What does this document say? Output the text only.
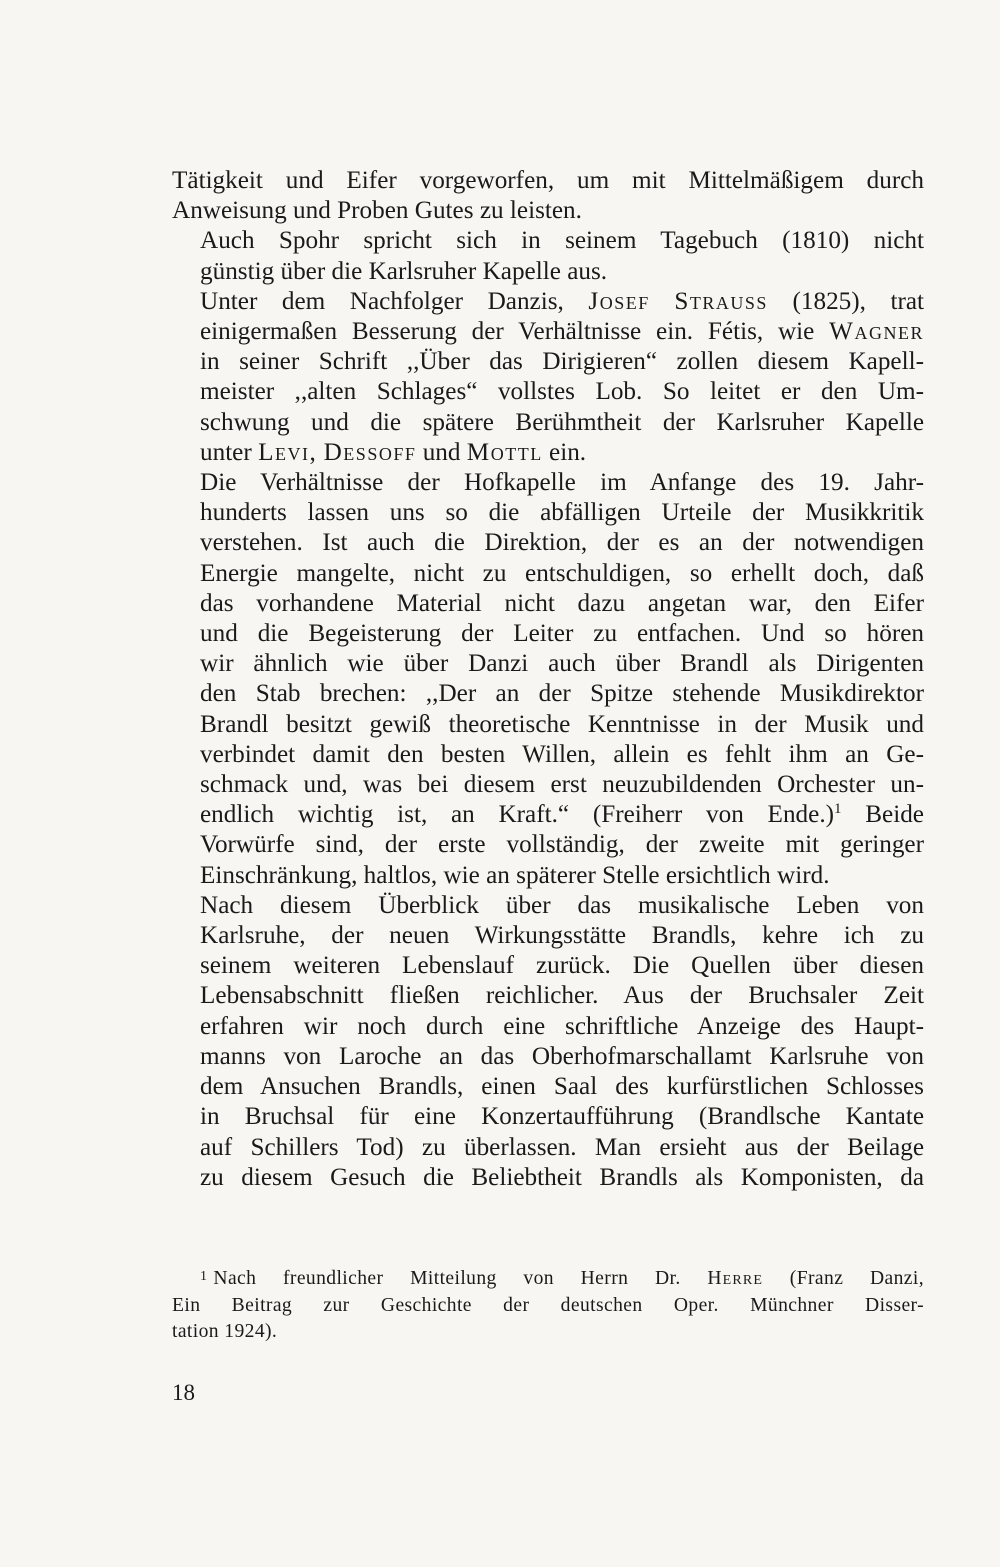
Tätigkeit und Eifer vorgeworfen, um mit Mittelmäßigem durch
Anweisung und Proben Gutes zu leisten.

Auch Spohr spricht sich in seinem Tagebuch (1810) nicht
günstig über die Karlsruher Kapelle aus.

Unter dem Nachfolger Danzis, Josef Strauss (1825), trat
einigermaßen Besserung der Verhältnisse ein. Fétis, wie Wagner
in seiner Schrift ,,Über das Dirigieren“ zollen diesem Kapell-
meister ,,alten Schlages“ vollstes Lob. So leitet er den Um-
schwung und die spätere Berühmtheit der Karlsruher Kapelle
unter Levi, Dessoff und Mottl ein.

Die Verhältnisse der Hofkapelle im Anfange des 19. Jahr-
hunderts lassen uns so die abfälligen Urteile der Musikkritik
verstehen. Ist auch die Direktion, der es an der notwendigen
Energie mangelte, nicht zu entschuldigen, so erhellt doch, daß
das vorhandene Material nicht dazu angetan war, den Eifer
und die Begeisterung der Leiter zu entfachen. Und so hören
wir ähnlich wie über Danzi auch über Brandl als Dirigenten
den Stab brechen: ,,Der an der Spitze stehende Musikdirektor
Brandl besitzt gewiß theoretische Kenntnisse in der Musik und
verbindet damit den besten Willen, allein es fehlt ihm an Ge-
schmack und, was bei diesem erst neuzubildenden Orchester un-
endlich wichtig ist, an Kraft.“ (Freiherr von Ende.)$^1$ Beide
Vorwürfe sind, der erste vollständig, der zweite mit geringer
Einschränkung, haltlos, wie an späterer Stelle ersichtlich wird.

Nach diesem Überblick über das musikalische Leben von
Karlsruhe, der neuen Wirkungsstätte Brandls, kehre ich zu
seinem weiteren Lebenslauf zurück. Die Quellen über diesen
Lebensabschnitt fließen reichlicher. Aus der Bruchsaler Zeit
erfahren wir noch durch eine schriftliche Anzeige des Haupt-
manns von Laroche an das Oberhofmarschallamt Karlsruhe von
dem Ansuchen Brandls, einen Saal des kurfürstlichen Schlosses
in Bruchsal für eine Konzertaufführung (Brandlsche Kantate
auf Schillers Tod) zu überlassen. Man ersieht aus der Beilage
zu diesem Gesuch die Beliebtheit Brandls als Komponisten, da

$^1$ Nach freundlicher Mitteilung von Herrn Dr. Herre (Franz Danzi,
Ein Beitrag zur Geschichte der deutschen Oper. Münchner Disser-
tation 1924).
18
